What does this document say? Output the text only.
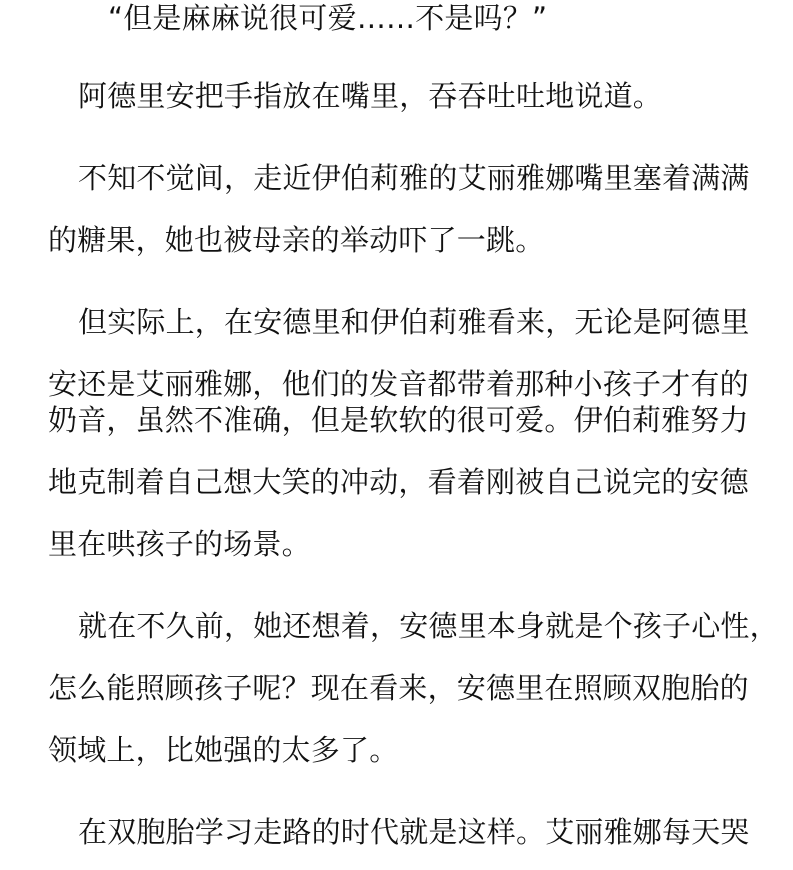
“但是麻麻说很可爱……不是吗？”
阿德里安把手指放在嘴里，吞吞吐吐地说道。
不知不觉间，走近伊伯莉雅的艾丽雅娜嘴里塞着满满
的糖果，她也被母亲的举动吓了一跳。
但实际上，在安德里和伊伯莉雅看来，无论是阿德里
安还是艾丽雅娜，他们的发音都带着那种小孩子才有的
奶音，虽然不准确，但是软软的很可爱。伊伯莉雅努力
地克制着自己想大笑的冲动，看着刚被自己说完的安德
里在哄孩子的场景。
就在不久前，她还想着，安德里本身就是个孩子心性，
怎么能照顾孩子呢？现在看来，安德里在照顾双胞胎的
领域上，比她强的太多了。
在双胞胎学习走路的时代就是这样。艾丽雅娜每天哭
